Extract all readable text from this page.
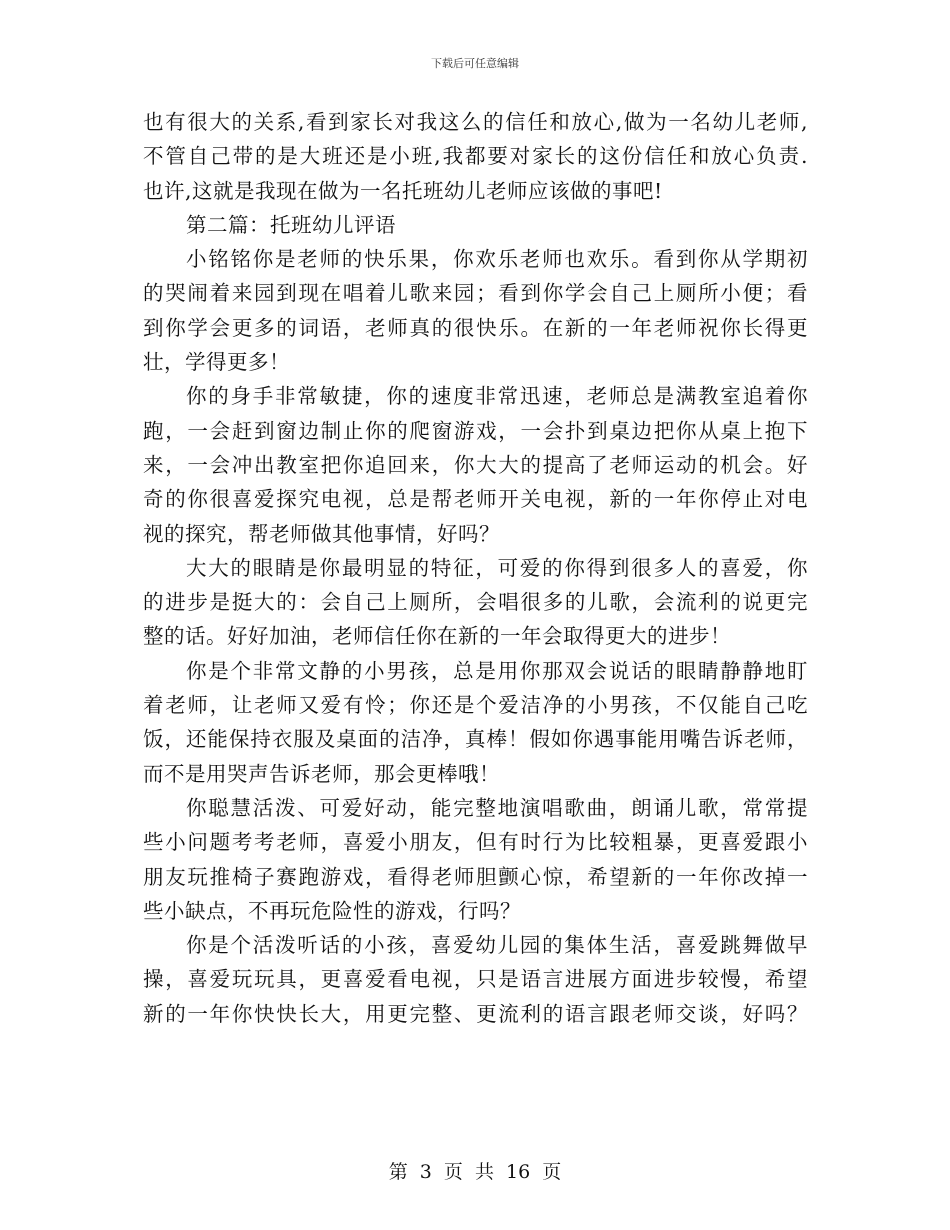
下载后可任意编辑
也有很大的关系,看到家长对我这么的信任和放心,做为一名幼儿老师,
不管自己带的是大班还是小班,我都要对家长的这份信任和放心负责.
也许,这就是我现在做为一名托班幼儿老师应该做的事吧!
第二篇：托班幼儿评语
小铭铭你是老师的快乐果，你欢乐老师也欢乐。看到你从学期初
的哭闹着来园到现在唱着儿歌来园；看到你学会自己上厕所小便；看
到你学会更多的词语，老师真的很快乐。在新的一年老师祝你长得更
壮，学得更多！
你的身手非常敏捷，你的速度非常迅速，老师总是满教室追着你
跑，一会赶到窗边制止你的爬窗游戏，一会扑到桌边把你从桌上抱下
来，一会冲出教室把你追回来，你大大的提高了老师运动的机会。好
奇的你很喜爱探究电视，总是帮老师开关电视，新的一年你停止对电
视的探究，帮老师做其他事情，好吗？
大大的眼睛是你最明显的特征，可爱的你得到很多人的喜爱，你
的进步是挺大的：会自己上厕所，会唱很多的儿歌，会流利的说更完
整的话。好好加油，老师信任你在新的一年会取得更大的进步！
你是个非常文静的小男孩，总是用你那双会说话的眼睛静静地盯
着老师，让老师又爱有怜；你还是个爱洁净的小男孩，不仅能自己吃
饭，还能保持衣服及桌面的洁净，真棒！假如你遇事能用嘴告诉老师，
而不是用哭声告诉老师，那会更棒哦！
你聪慧活泼、可爱好动，能完整地演唱歌曲，朗诵儿歌，常常提
些小问题考考老师，喜爱小朋友，但有时行为比较粗暴，更喜爱跟小
朋友玩推椅子赛跑游戏，看得老师胆颤心惊，希望新的一年你改掉一
些小缺点，不再玩危险性的游戏，行吗？
你是个活泼听话的小孩，喜爱幼儿园的集体生活，喜爱跳舞做早
操，喜爱玩玩具，更喜爱看电视，只是语言进展方面进步较慢，希望
新的一年你快快长大，用更完整、更流利的语言跟老师交谈，好吗？
第 3 页 共 16 页
